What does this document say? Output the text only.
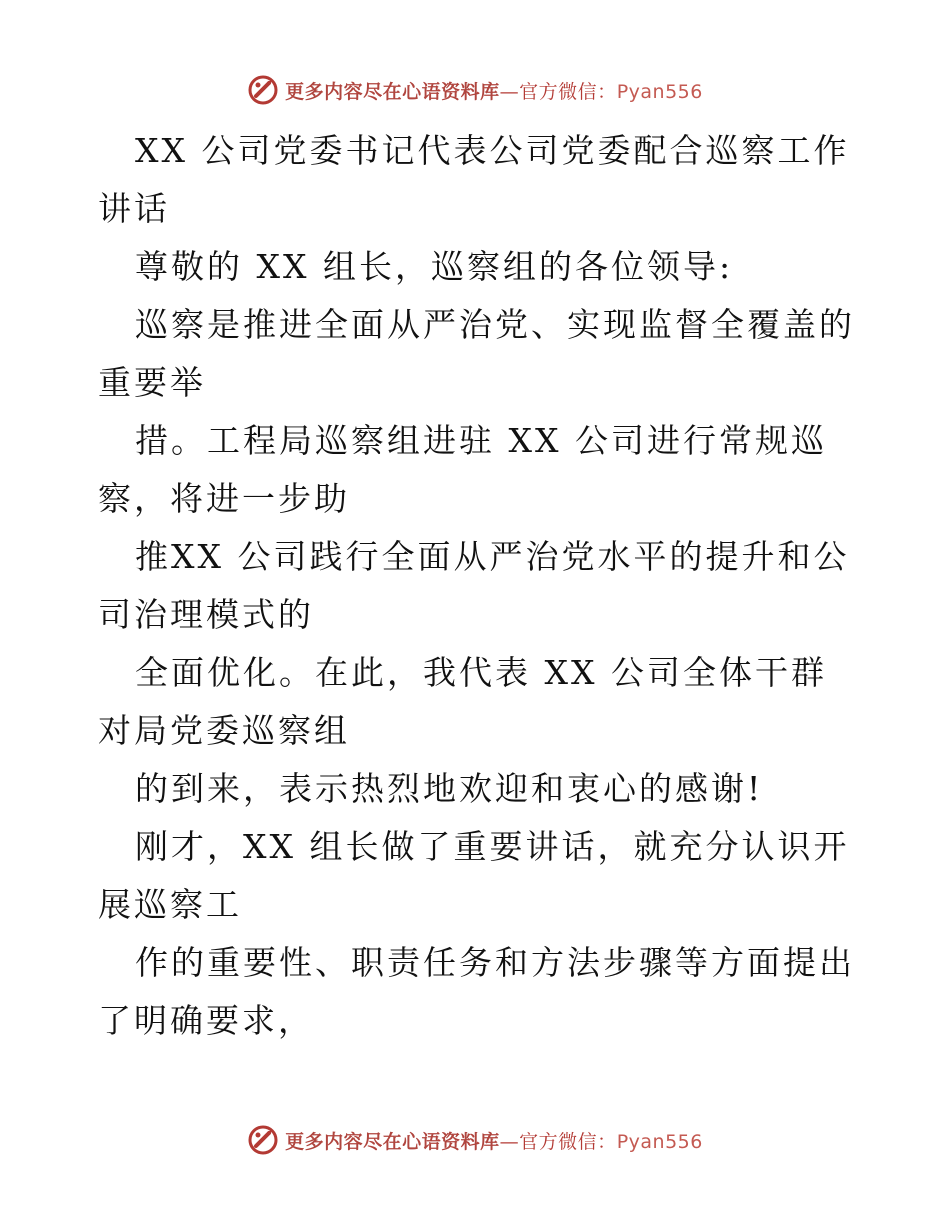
更多内容尽在心语资料库—官方微信：Pyan556

XX 公司党委书记代表公司党委配合巡察工作讲话

尊敬的 XX 组长，巡察组的各位领导:

巡察是推进全面从严治党、实现监督全覆盖的重要举

措。工程局巡察组进驻 XX 公司进行常规巡察，将进一步助

推XX 公司践行全面从严治党水平的提升和公司治理模式的

全面优化。在此，我代表 XX 公司全体干群对局党委巡察组

的到来，表示热烈地欢迎和衷心的感谢!

刚才，XX 组长做了重要讲话，就充分认识开展巡察工

作的重要性、职责任务和方法步骤等方面提出了明确要求，

更多内容尽在心语资料库—官方微信：Pyan556
